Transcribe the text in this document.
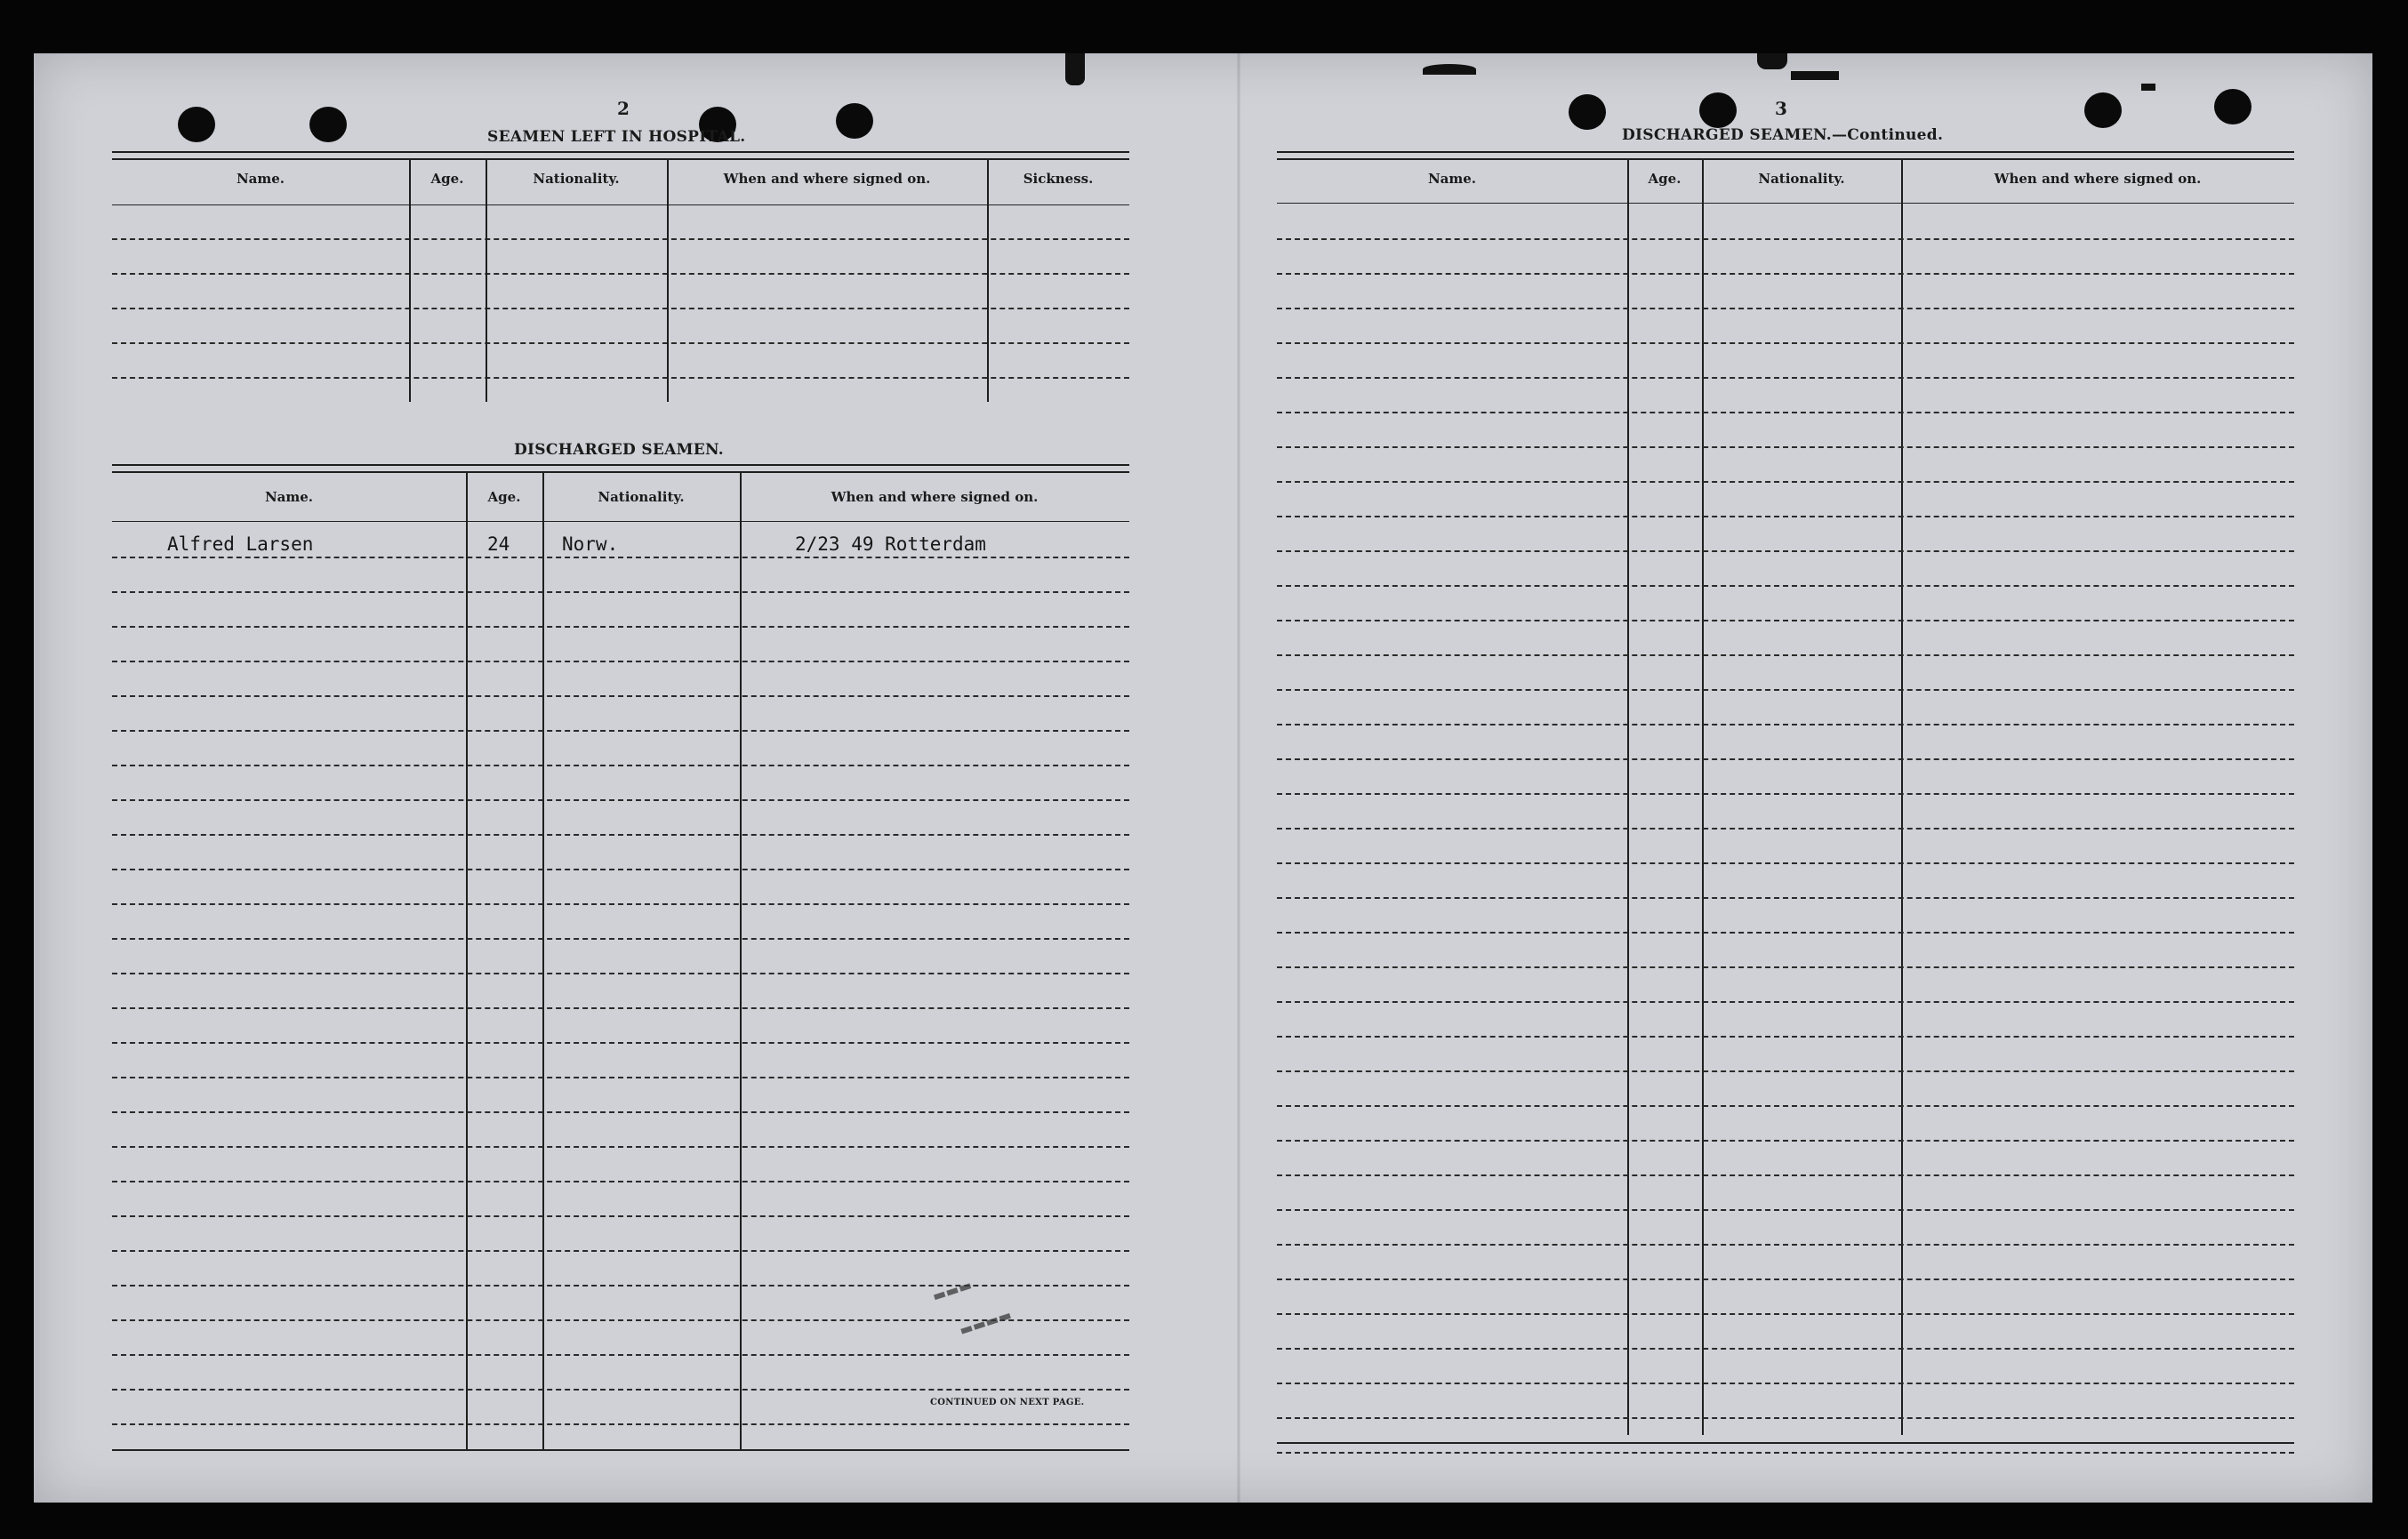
2
SEAMEN LEFT IN HOSPITAL.
Name.	Age.	Nationality.	When and where signed on.	Sickness.
DISCHARGED SEAMEN.
Name.	Age.	Nationality.	When and where signed on.
Alfred Larsen	24	Norw.	2/23 49 Rotterdam
CONTINUED ON NEXT PAGE.
▬▬▬
▬▬▬▬
3
DISCHARGED SEAMEN.—Continued.
Name.	Age.	Nationality.	When and where signed on.
